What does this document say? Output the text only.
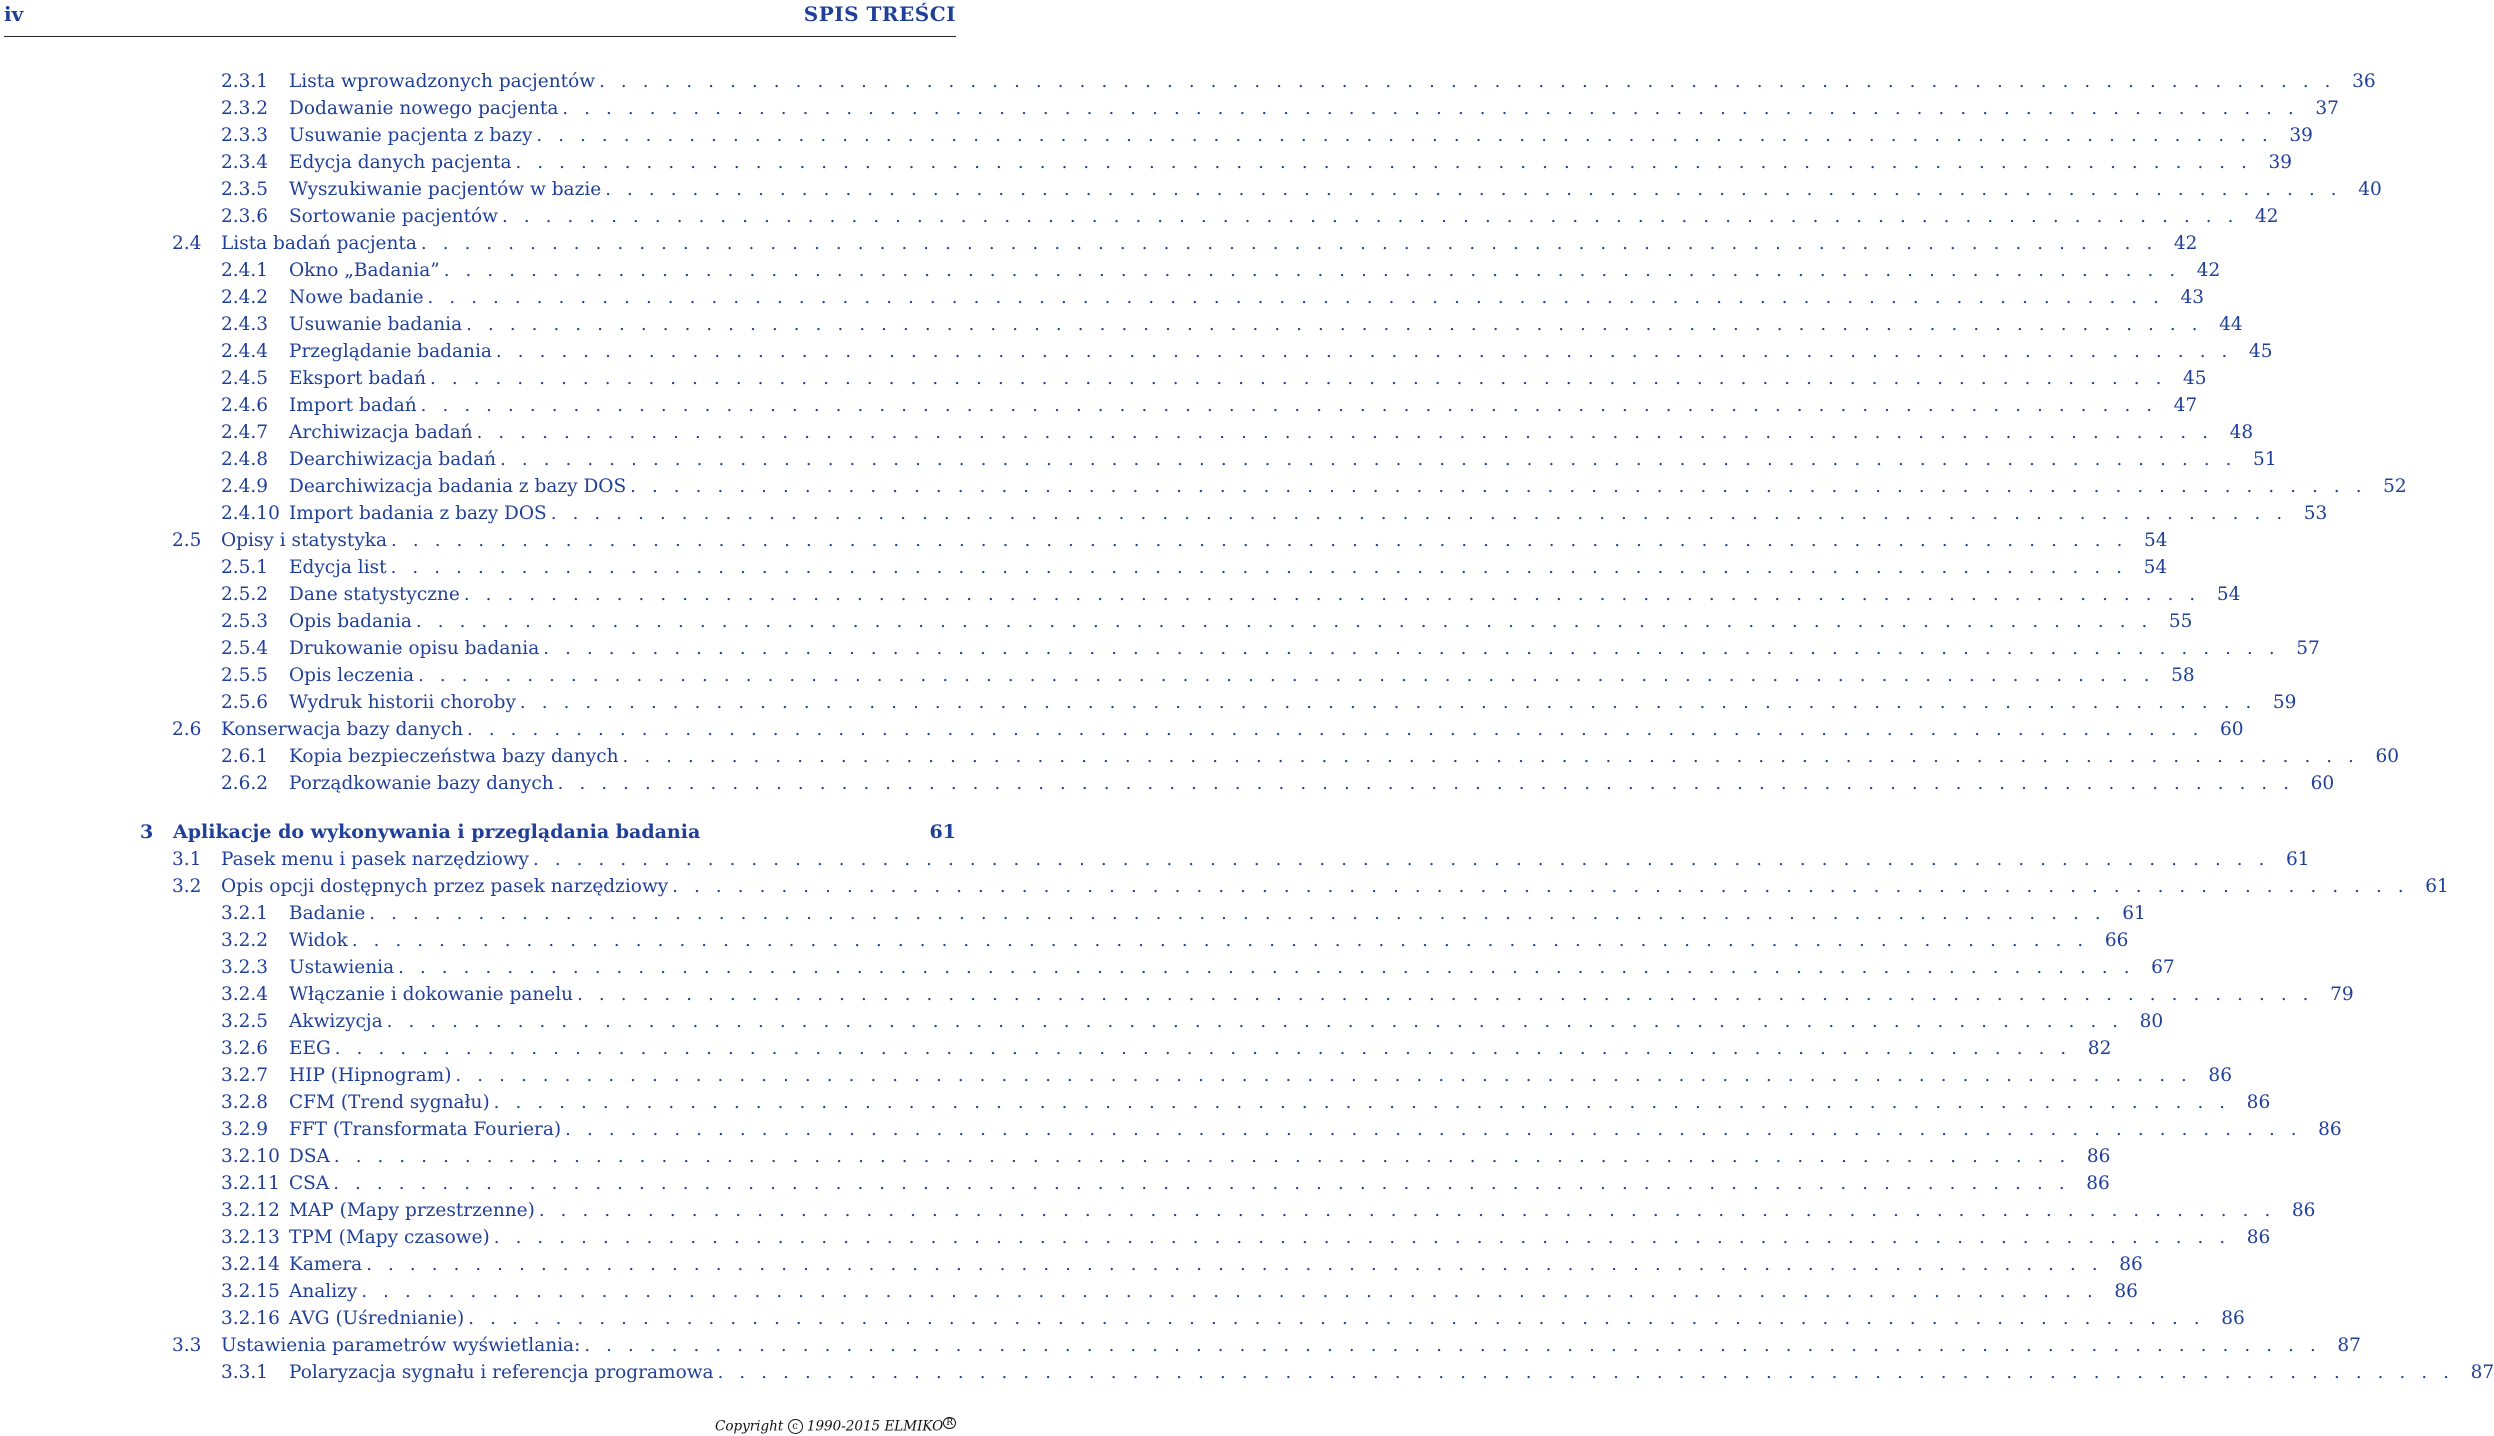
iv	SPIS TREŚCI
2.3.1	Lista wprowadzonych pacjentów . . . . . . . . . . . . . . . . . . . . . . . . . . . . . . . . . . . . . . . . . . . . . . . . . . . . . . . . . . . . . . . . . . . . . . . . . . . . . . . . 36
2.3.2	Dodawanie nowego pacjenta . . . . . . . . . . . . . . . . . . . . . . . . . . . . . . . . . . . . . . . . . . . . . . . . . . . . . . . . . . . . . . . . . . . . . . . . . . . . . . . . 37
2.3.3	Usuwanie pacjenta z bazy . . . . . . . . . . . . . . . . . . . . . . . . . . . . . . . . . . . . . . . . . . . . . . . . . . . . . . . . . . . . . . . . . . . . . . . . . . . . . . . . 39
2.3.4	Edycja danych pacjenta . . . . . . . . . . . . . . . . . . . . . . . . . . . . . . . . . . . . . . . . . . . . . . . . . . . . . . . . . . . . . . . . . . . . . . . . . . . . . . . . 39
2.3.5	Wyszukiwanie pacjentów w bazie . . . . . . . . . . . . . . . . . . . . . . . . . . . . . . . . . . . . . . . . . . . . . . . . . . . . . . . . . . . . . . . . . . . . . . . . . . . . . . . . 40
2.3.6	Sortowanie pacjentów . . . . . . . . . . . . . . . . . . . . . . . . . . . . . . . . . . . . . . . . . . . . . . . . . . . . . . . . . . . . . . . . . . . . . . . . . . . . . . . . 42
2.4	Lista badań pacjenta . . . . . . . . . . . . . . . . . . . . . . . . . . . . . . . . . . . . . . . . . . . . . . . . . . . . . . . . . . . . . . . . . . . . . . . . . . . . . . . . 42
2.4.1	Okno „Badania” . . . . . . . . . . . . . . . . . . . . . . . . . . . . . . . . . . . . . . . . . . . . . . . . . . . . . . . . . . . . . . . . . . . . . . . . . . . . . . . . 42
2.4.2	Nowe badanie . . . . . . . . . . . . . . . . . . . . . . . . . . . . . . . . . . . . . . . . . . . . . . . . . . . . . . . . . . . . . . . . . . . . . . . . . . . . . . . . 43
2.4.3	Usuwanie badania . . . . . . . . . . . . . . . . . . . . . . . . . . . . . . . . . . . . . . . . . . . . . . . . . . . . . . . . . . . . . . . . . . . . . . . . . . . . . . . . 44
2.4.4	Przeglądanie badania . . . . . . . . . . . . . . . . . . . . . . . . . . . . . . . . . . . . . . . . . . . . . . . . . . . . . . . . . . . . . . . . . . . . . . . . . . . . . . . . 45
2.4.5	Eksport badań . . . . . . . . . . . . . . . . . . . . . . . . . . . . . . . . . . . . . . . . . . . . . . . . . . . . . . . . . . . . . . . . . . . . . . . . . . . . . . . . 45
2.4.6	Import badań . . . . . . . . . . . . . . . . . . . . . . . . . . . . . . . . . . . . . . . . . . . . . . . . . . . . . . . . . . . . . . . . . . . . . . . . . . . . . . . . 47
2.4.7	Archiwizacja badań . . . . . . . . . . . . . . . . . . . . . . . . . . . . . . . . . . . . . . . . . . . . . . . . . . . . . . . . . . . . . . . . . . . . . . . . . . . . . . . . 48
2.4.8	Dearchiwizacja badań . . . . . . . . . . . . . . . . . . . . . . . . . . . . . . . . . . . . . . . . . . . . . . . . . . . . . . . . . . . . . . . . . . . . . . . . . . . . . . . . 51
2.4.9	Dearchiwizacja badania z bazy DOS . . . . . . . . . . . . . . . . . . . . . . . . . . . . . . . . . . . . . . . . . . . . . . . . . . . . . . . . . . . . . . . . . . . . . . . . . . . . . . . . 52
2.4.10 Import badania z bazy DOS . . . . . . . . . . . . . . . . . . . . . . . . . . . . . . . . . . . . . . . . . . . . . . . . . . . . . . . . . . . . . . . . . . . . . . . . . . . . . . . . 53
2.5	Opisy i statystyka . . . . . . . . . . . . . . . . . . . . . . . . . . . . . . . . . . . . . . . . . . . . . . . . . . . . . . . . . . . . . . . . . . . . . . . . . . . . . . . . 54
2.5.1	Edycja list . . . . . . . . . . . . . . . . . . . . . . . . . . . . . . . . . . . . . . . . . . . . . . . . . . . . . . . . . . . . . . . . . . . . . . . . . . . . . . . . 54
2.5.2	Dane statystyczne . . . . . . . . . . . . . . . . . . . . . . . . . . . . . . . . . . . . . . . . . . . . . . . . . . . . . . . . . . . . . . . . . . . . . . . . . . . . . . . . 54
2.5.3	Opis badania . . . . . . . . . . . . . . . . . . . . . . . . . . . . . . . . . . . . . . . . . . . . . . . . . . . . . . . . . . . . . . . . . . . . . . . . . . . . . . . . 55
2.5.4	Drukowanie opisu badania . . . . . . . . . . . . . . . . . . . . . . . . . . . . . . . . . . . . . . . . . . . . . . . . . . . . . . . . . . . . . . . . . . . . . . . . . . . . . . . . 57
2.5.5	Opis leczenia . . . . . . . . . . . . . . . . . . . . . . . . . . . . . . . . . . . . . . . . . . . . . . . . . . . . . . . . . . . . . . . . . . . . . . . . . . . . . . . . 58
2.5.6	Wydruk historii choroby . . . . . . . . . . . . . . . . . . . . . . . . . . . . . . . . . . . . . . . . . . . . . . . . . . . . . . . . . . . . . . . . . . . . . . . . . . . . . . . . 59
2.6	Konserwacja bazy danych . . . . . . . . . . . . . . . . . . . . . . . . . . . . . . . . . . . . . . . . . . . . . . . . . . . . . . . . . . . . . . . . . . . . . . . . . . . . . . . . 60
2.6.1	Kopia bezpieczeństwa bazy danych . . . . . . . . . . . . . . . . . . . . . . . . . . . . . . . . . . . . . . . . . . . . . . . . . . . . . . . . . . . . . . . . . . . . . . . . . . . . . . . . 60
2.6.2	Porządkowanie bazy danych . . . . . . . . . . . . . . . . . . . . . . . . . . . . . . . . . . . . . . . . . . . . . . . . . . . . . . . . . . . . . . . . . . . . . . . . . . . . . . . . 60
3	Aplikacje do wykonywania i przeglądania badania	61
3.1	Pasek menu i pasek narzędziowy . . . . . . . . . . . . . . . . . . . . . . . . . . . . . . . . . . . . . . . . . . . . . . . . . . . . . . . . . . . . . . . . . . . . . . . . . . . . . . . . 61
3.2	Opis opcji dostępnych przez pasek narzędziowy . . . . . . . . . . . . . . . . . . . . . . . . . . . . . . . . . . . . . . . . . . . . . . . . . . . . . . . . . . . . . . . . . . . . . . . . . . . . . . . . 61
3.2.1	Badanie . . . . . . . . . . . . . . . . . . . . . . . . . . . . . . . . . . . . . . . . . . . . . . . . . . . . . . . . . . . . . . . . . . . . . . . . . . . . . . . . 61
3.2.2	Widok . . . . . . . . . . . . . . . . . . . . . . . . . . . . . . . . . . . . . . . . . . . . . . . . . . . . . . . . . . . . . . . . . . . . . . . . . . . . . . . . 66
3.2.3	Ustawienia . . . . . . . . . . . . . . . . . . . . . . . . . . . . . . . . . . . . . . . . . . . . . . . . . . . . . . . . . . . . . . . . . . . . . . . . . . . . . . . . 67
3.2.4	Włączanie i dokowanie panelu . . . . . . . . . . . . . . . . . . . . . . . . . . . . . . . . . . . . . . . . . . . . . . . . . . . . . . . . . . . . . . . . . . . . . . . . . . . . . . . . 79
3.2.5	Akwizycja . . . . . . . . . . . . . . . . . . . . . . . . . . . . . . . . . . . . . . . . . . . . . . . . . . . . . . . . . . . . . . . . . . . . . . . . . . . . . . . . 80
3.2.6	EEG . . . . . . . . . . . . . . . . . . . . . . . . . . . . . . . . . . . . . . . . . . . . . . . . . . . . . . . . . . . . . . . . . . . . . . . . . . . . . . . . 82
3.2.7	HIP (Hipnogram) . . . . . . . . . . . . . . . . . . . . . . . . . . . . . . . . . . . . . . . . . . . . . . . . . . . . . . . . . . . . . . . . . . . . . . . . . . . . . . . . 86
3.2.8	CFM (Trend sygnału) . . . . . . . . . . . . . . . . . . . . . . . . . . . . . . . . . . . . . . . . . . . . . . . . . . . . . . . . . . . . . . . . . . . . . . . . . . . . . . . . 86
3.2.9	FFT (Transformata Fouriera) . . . . . . . . . . . . . . . . . . . . . . . . . . . . . . . . . . . . . . . . . . . . . . . . . . . . . . . . . . . . . . . . . . . . . . . . . . . . . . . . 86
3.2.10 DSA . . . . . . . . . . . . . . . . . . . . . . . . . . . . . . . . . . . . . . . . . . . . . . . . . . . . . . . . . . . . . . . . . . . . . . . . . . . . . . . . 86
3.2.11 CSA . . . . . . . . . . . . . . . . . . . . . . . . . . . . . . . . . . . . . . . . . . . . . . . . . . . . . . . . . . . . . . . . . . . . . . . . . . . . . . . . 86
3.2.12 MAP (Mapy przestrzenne) . . . . . . . . . . . . . . . . . . . . . . . . . . . . . . . . . . . . . . . . . . . . . . . . . . . . . . . . . . . . . . . . . . . . . . . . . . . . . . . . 86
3.2.13 TPM (Mapy czasowe) . . . . . . . . . . . . . . . . . . . . . . . . . . . . . . . . . . . . . . . . . . . . . . . . . . . . . . . . . . . . . . . . . . . . . . . . . . . . . . . . 86
3.2.14 Kamera . . . . . . . . . . . . . . . . . . . . . . . . . . . . . . . . . . . . . . . . . . . . . . . . . . . . . . . . . . . . . . . . . . . . . . . . . . . . . . . . 86
3.2.15 Analizy . . . . . . . . . . . . . . . . . . . . . . . . . . . . . . . . . . . . . . . . . . . . . . . . . . . . . . . . . . . . . . . . . . . . . . . . . . . . . . . . 86
3.2.16 AVG (Uśrednianie) . . . . . . . . . . . . . . . . . . . . . . . . . . . . . . . . . . . . . . . . . . . . . . . . . . . . . . . . . . . . . . . . . . . . . . . . . . . . . . . . 86
3.3	Ustawienia parametrów wyświetlania: . . . . . . . . . . . . . . . . . . . . . . . . . . . . . . . . . . . . . . . . . . . . . . . . . . . . . . . . . . . . . . . . . . . . . . . . . . . . . . . . 87
3.3.1	Polaryzacja sygnału i referencja programowa . . . . . . . . . . . . . . . . . . . . . . . . . . . . . . . . . . . . . . . . . . . . . . . . . . . . . . . . . . . . . . . . . . . . . . . . . . . . . . . . 87
Copyright c 1990-2015 ELMIKO $^R$
